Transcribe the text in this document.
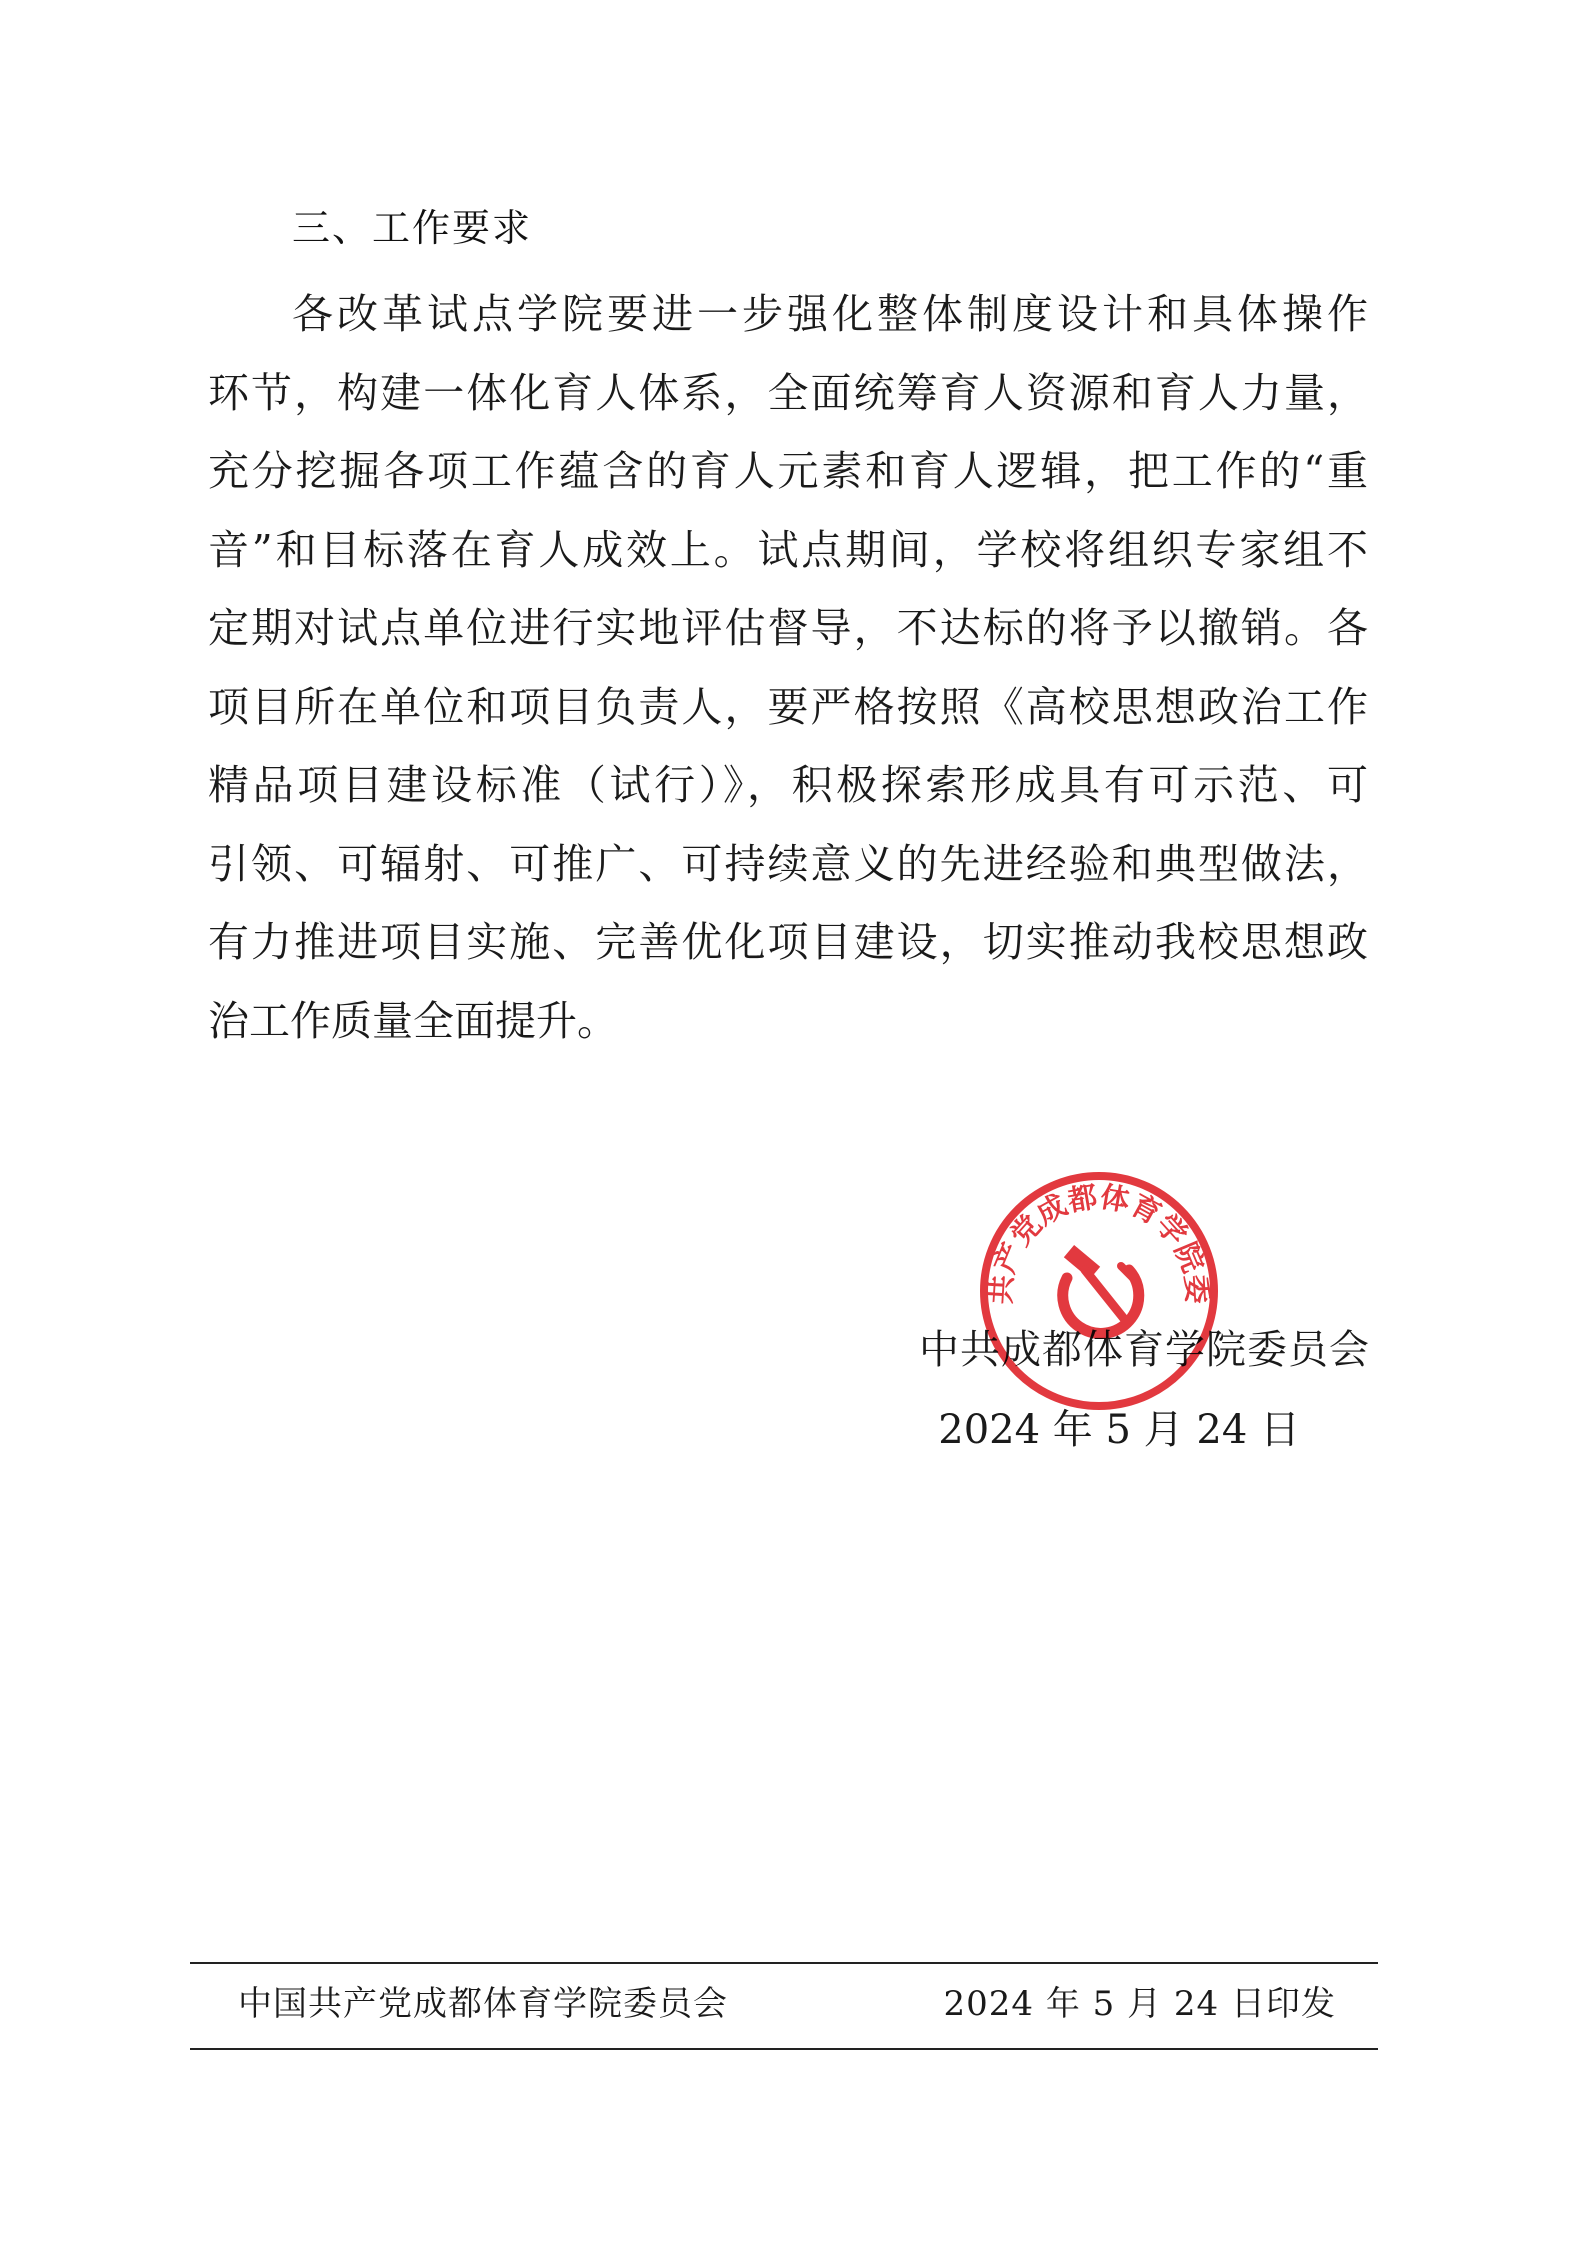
三、工作要求
各改革试点学院要进一步强化整体制度设计和具体操作
环节，构建一体化育人体系，全面统筹育人资源和育人力量，
充分挖掘各项工作蕴含的育人元素和育人逻辑，把工作的“重
音”和目标落在育人成效上。试点期间，学校将组织专家组不
定期对试点单位进行实地评估督导，不达标的将予以撤销。各
项目所在单位和项目负责人，要严格按照《高校思想政治工作
精品项目建设标准（试行）》，积极探索形成具有可示范、可
引领、可辐射、可推广、可持续意义的先进经验和典型做法，
有力推进项目实施、完善优化项目建设，切实推动我校思想政
治工作质量全面提升。
中共成都体育学院委员会
2024 年 5 月 24 日
共产党成都体育学院委
中国共产党成都体育学院委员会	2024 年 5 月 24 日印发
